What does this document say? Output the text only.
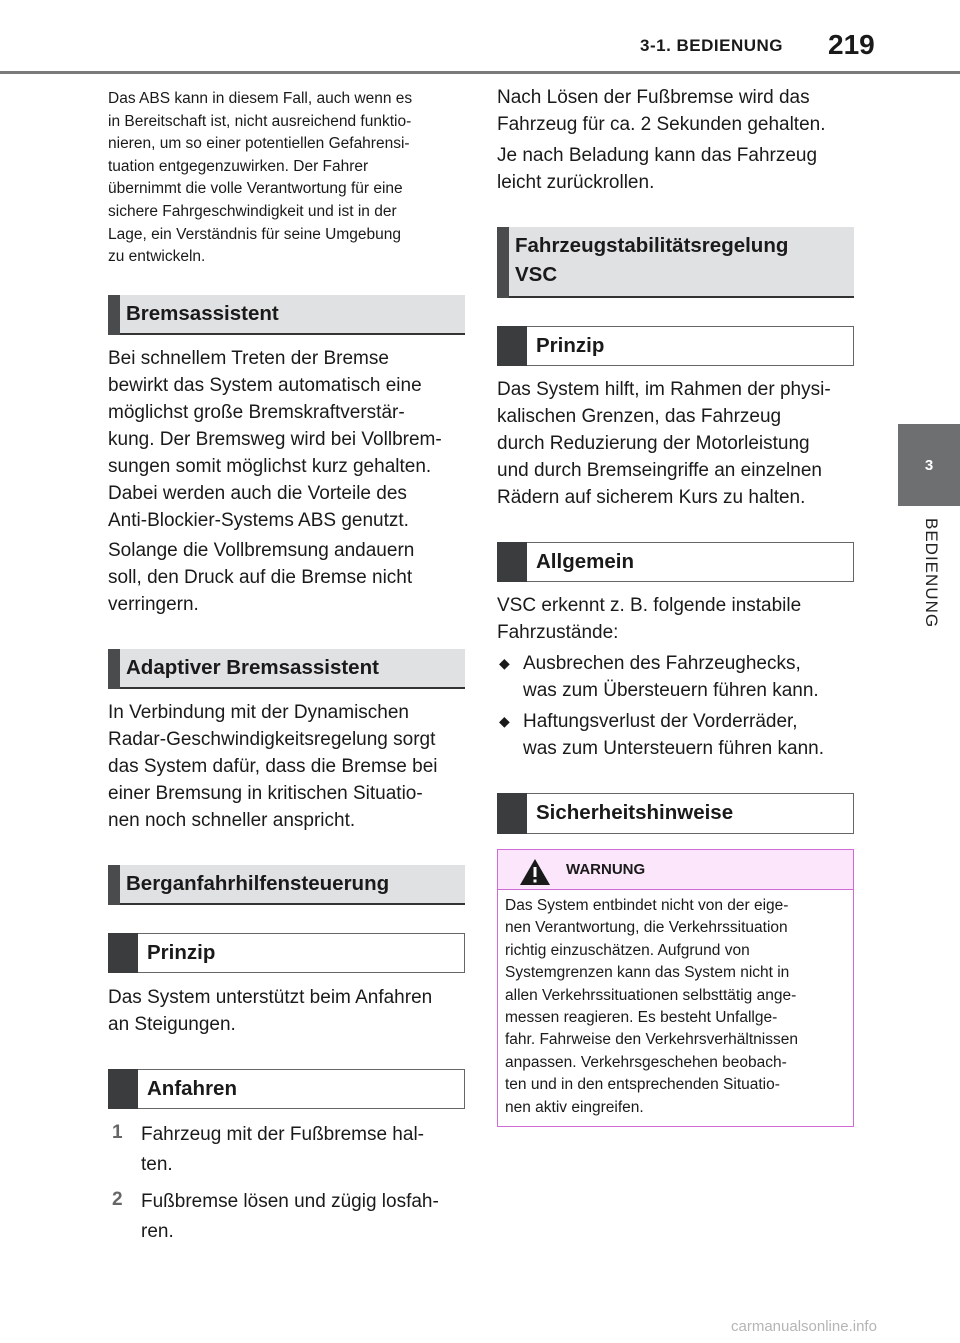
3-1. BEDIENUNG 219
3
BEDIENUNG
Das ABS kann in diesem Fall, auch wenn es
in Bereitschaft ist, nicht ausreichend funktio-
nieren, um so einer potentiellen Gefahrensi-
tuation entgegenzuwirken. Der Fahrer
übernimmt die volle Verantwortung für eine
sichere Fahrgeschwindigkeit und ist in der
Lage, ein Verständnis für seine Umgebung
zu entwickeln.
Bremsassistent

Bei schnellem Treten der Bremse

bewirkt das System automatisch eine

möglichst große Bremskraftverstär-

kung. Der Bremsweg wird bei Vollbrem-

sungen somit möglichst kurz gehalten.

Dabei werden auch die Vorteile des

Anti-Blockier-Systems ABS genutzt.

Solange die Vollbremsung andauern

soll, den Druck auf die Bremse nicht

verringern.

Adaptiver Bremsassistent

In Verbindung mit der Dynamischen

Radar-Geschwindigkeitsregelung sorgt

das System dafür, dass die Bremse bei

einer Bremsung in kritischen Situatio-

nen noch schneller anspricht.

Berganfahrhilfensteuerung
Prinzip

Das System unterstützt beim Anfahren

an Steigungen.

Anfahren
1 Fahrzeug mit der Fußbremse hal-
ten.
2 Fußbremse lösen und zügig losfah-
ren.

Nach Lösen der Fußbremse wird das

Fahrzeug für ca. 2 Sekunden gehalten.

Je nach Beladung kann das Fahrzeug

leicht zurückrollen.

Fahrzeugstabilitätsregelung
VSC
Prinzip

Das System hilft, im Rahmen der physi-

kalischen Grenzen, das Fahrzeug

durch Reduzierung der Motorleistung

und durch Bremseingriffe an einzelnen

Rädern auf sicherem Kurs zu halten.

Allgemein

VSC erkennt z. B. folgende instabile

Fahrzustände:

◆ Ausbrechen des Fahrzeughecks,

was zum Übersteuern führen kann.

◆ Haftungsverlust der Vorderräder,

was zum Untersteuern führen kann.

Sicherheitshinweise
WARNUNG
Das System entbindet nicht von der eige-
nen Verantwortung, die Verkehrssituation
richtig einzuschätzen. Aufgrund von
Systemgrenzen kann das System nicht in
allen Verkehrssituationen selbsttätig ange-
messen reagieren. Es besteht Unfallge-
fahr. Fahrweise den Verkehrsverhältnissen
anpassen. Verkehrsgeschehen beobach-
ten und in den entsprechenden Situatio-
nen aktiv eingreifen.
carmanualsonline.info
